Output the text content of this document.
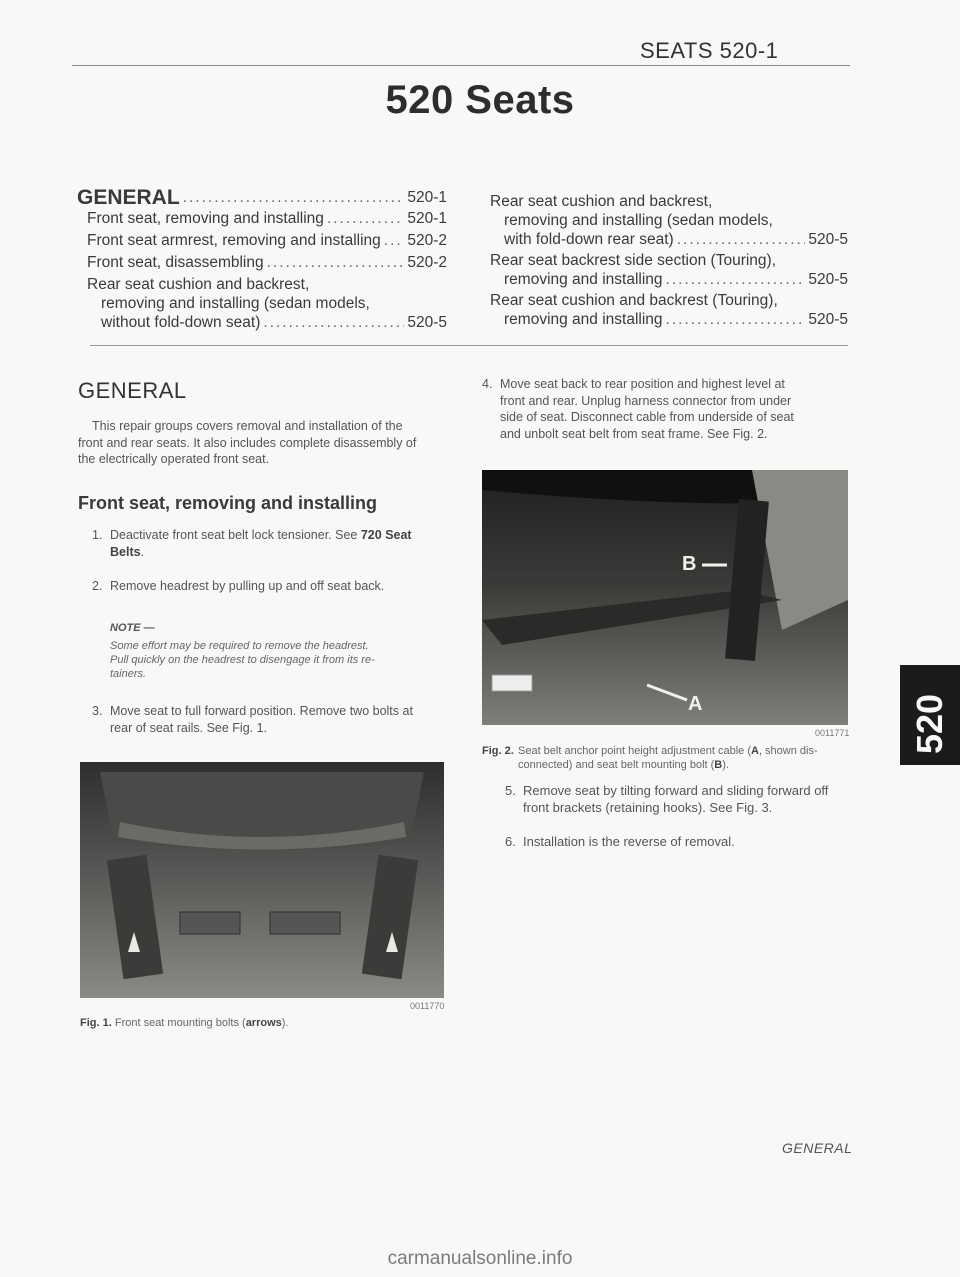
SEATS 520-1
520 Seats
GENERAL .....	520-1
Front seat, removing and installing .....	520-1
Front seat armrest, removing and installing ..... 520-2
Front seat, disassembling .....	520-2
Rear seat cushion and backrest,
removing and installing (sedan models,
without fold-down seat) .....	520-5
Rear seat cushion and backrest,
removing and installing (sedan models,
with fold-down rear seat) .....	520-5
Rear seat backrest side section (Touring),
removing and installing .....	520-5
Rear seat cushion and backrest (Touring),
removing and installing .....	520-5
GENERAL
This repair groups covers removal and installation of the
front and rear seats. It also includes complete disassembly of
the electrically operated front seat.
Front seat, removing and installing
1. Deactivate front seat belt lock tensioner. See 720 Seat
Belts.
2. Remove headrest by pulling up and off seat back.
NOTE —
Some effort may be required to remove the headrest.
Pull quickly on the headrest to disengage it from its re-
tainers.
3. Move seat to full forward position. Remove two bolts at
rear of seat rails. See Fig. 1.
0011770
Fig. 1. Front seat mounting bolts (arrows).
4. Move seat back to rear position and highest level at
front and rear. Unplug harness connector from under
side of seat. Disconnect cable from underside of seat
and unbolt seat belt from seat frame. See Fig. 2.
B
A
0011771
Fig. 2. Seat belt anchor point height adjustment cable (A, shown dis-
connected) and seat belt mounting bolt (B).
5. Remove seat by tilting forward and sliding forward off
front brackets (retaining hooks). See Fig. 3.
6. Installation is the reverse of removal.
520
GENERAL
carmanualsonline.info
